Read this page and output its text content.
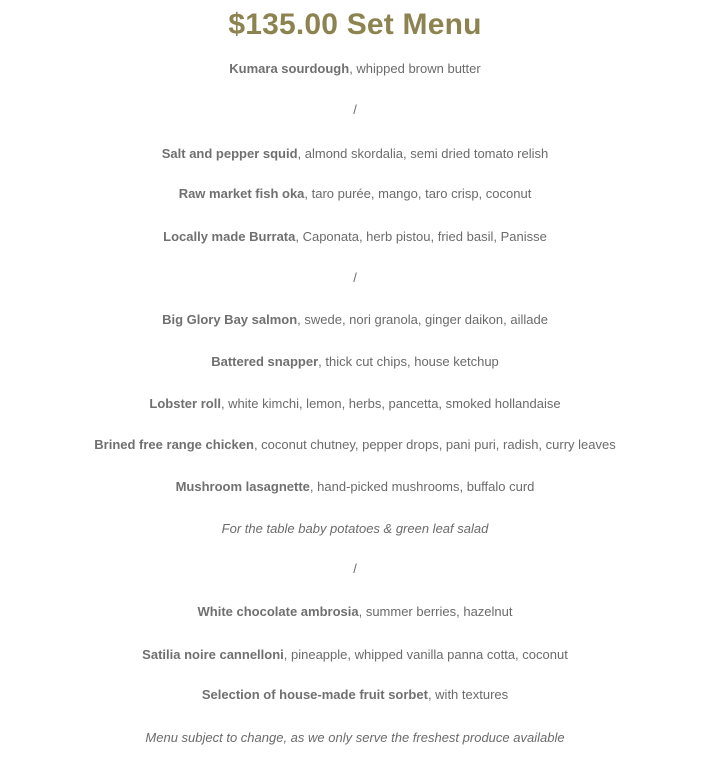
$135.00 Set Menu
Kumara sourdough, whipped brown butter
/
Salt and pepper squid, almond skordalia, semi dried tomato relish
Raw market fish oka, taro purée, mango, taro crisp, coconut
Locally made Burrata, Caponata, herb pistou, fried basil, Panisse
/
Big Glory Bay salmon, swede, nori granola, ginger daikon, aillade
Battered snapper, thick cut chips, house ketchup
Lobster roll, white kimchi, lemon, herbs, pancetta, smoked hollandaise
Brined free range chicken, coconut chutney, pepper drops, pani puri, radish, curry leaves
Mushroom lasagnette, hand-picked mushrooms, buffalo curd
For the table baby potatoes & green leaf salad
/
White chocolate ambrosia, summer berries, hazelnut
Satilia noire cannelloni, pineapple, whipped vanilla panna cotta, coconut
Selection of house-made fruit sorbet, with textures
Menu subject to change, as we only serve the freshest produce available
